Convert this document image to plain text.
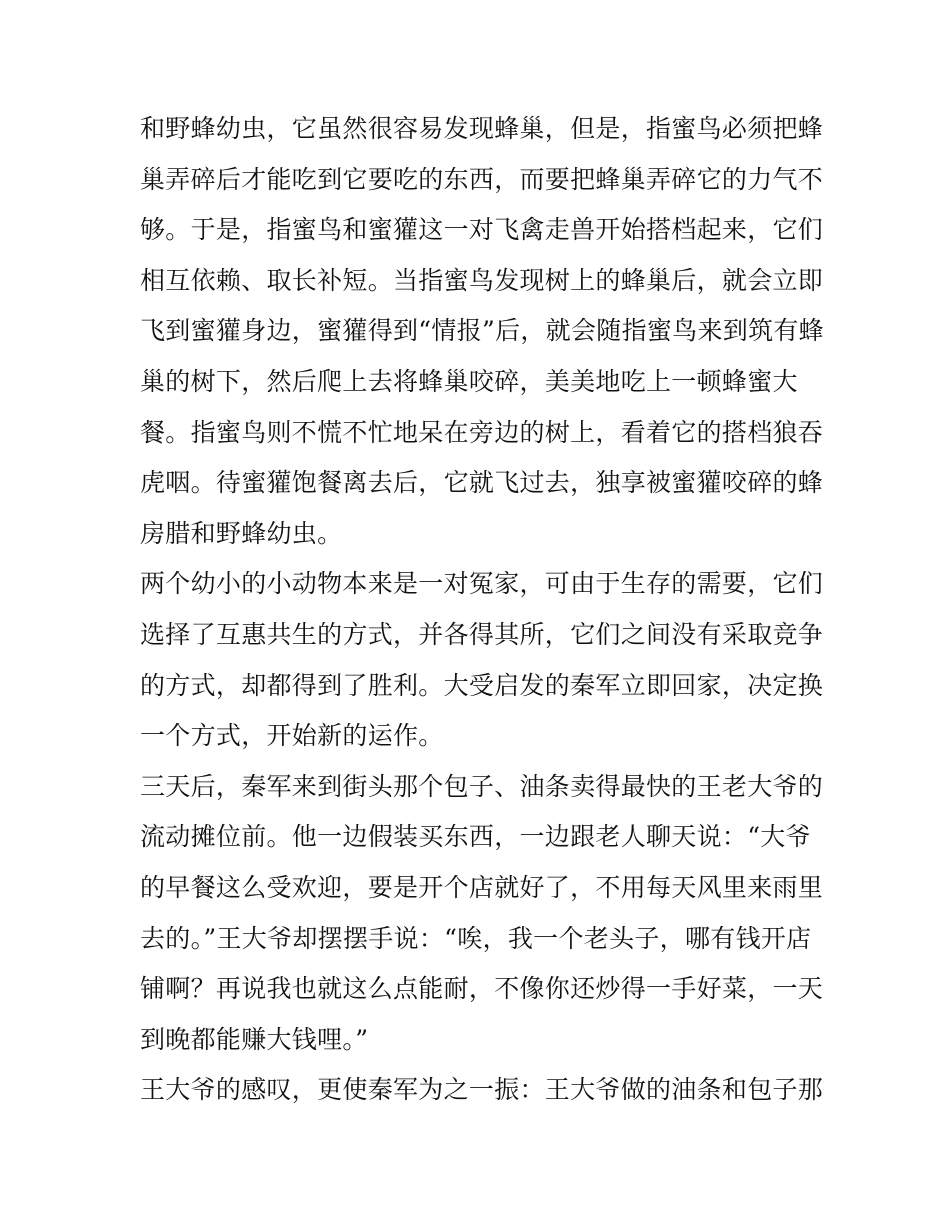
和野蜂幼虫，它虽然很容易发现蜂巢，但是，指蜜鸟必须把蜂
巢弄碎后才能吃到它要吃的东西，而要把蜂巢弄碎它的力气不
够。于是，指蜜鸟和蜜獾这一对飞禽走兽开始搭档起来，它们
相互依赖、取长补短。当指蜜鸟发现树上的蜂巢后，就会立即
飞到蜜獾身边，蜜獾得到“情报”后，就会随指蜜鸟来到筑有蜂
巢的树下，然后爬上去将蜂巢咬碎，美美地吃上一顿蜂蜜大
餐。指蜜鸟则不慌不忙地呆在旁边的树上，看着它的搭档狼吞
虎咽。待蜜獾饱餐离去后，它就飞过去，独享被蜜獾咬碎的蜂
房腊和野蜂幼虫。
两个幼小的小动物本来是一对冤家，可由于生存的需要，它们
选择了互惠共生的方式，并各得其所，它们之间没有采取竞争
的方式，却都得到了胜利。大受启发的秦军立即回家，决定换
一个方式，开始新的运作。
三天后，秦军来到街头那个包子、油条卖得最快的王老大爷的
流动摊位前。他一边假装买东西，一边跟老人聊天说：“大爷
的早餐这么受欢迎，要是开个店就好了，不用每天风里来雨里
去的。”王大爷却摆摆手说：“唉，我一个老头子，哪有钱开店
铺啊？再说我也就这么点能耐，不像你还炒得一手好菜，一天
到晚都能赚大钱哩。”
王大爷的感叹，更使秦军为之一振：王大爷做的油条和包子那
